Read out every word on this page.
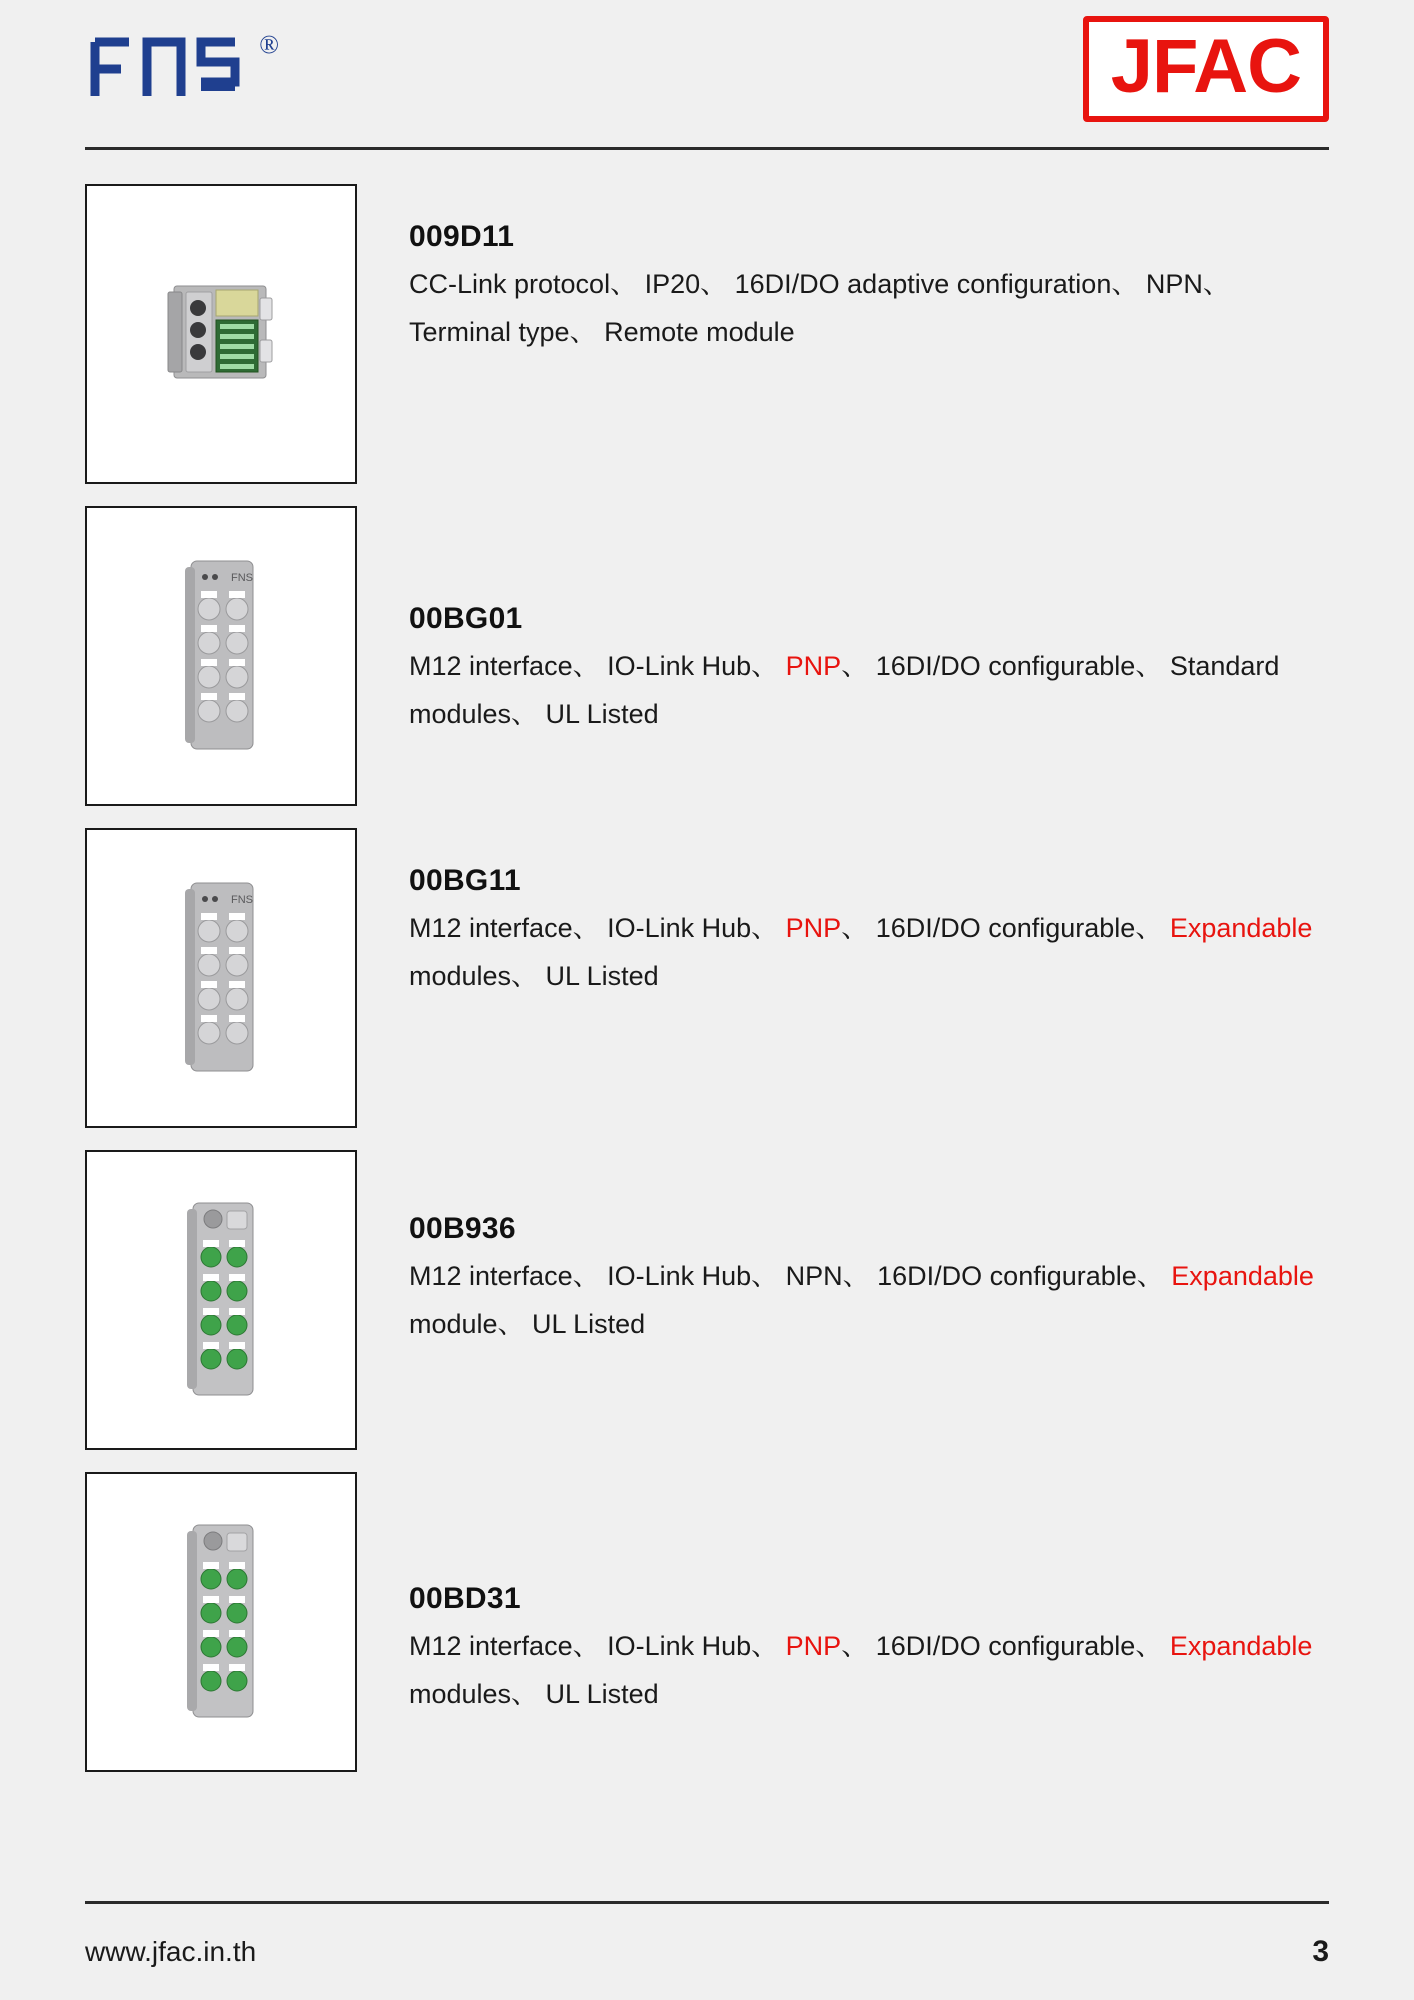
®	JFAC
009D11

CC-Link protocol、 IP20、 16DI/DO adaptive configuration、 NPN、 Terminal type、 Remote module

FNS
00BG01

M12 interface、 IO-Link Hub、 PNP、 16DI/DO configurable、 Standard modules、 UL Listed

FNS
00BG11

M12 interface、 IO-Link Hub、 PNP、 16DI/DO configurable、 Expandable modules、 UL Listed

00B936

M12 interface、 IO-Link Hub、 NPN、 16DI/DO configurable、 Expandable module、 UL Listed

00BD31

M12 interface、 IO-Link Hub、 PNP、 16DI/DO configurable、 Expandable modules、 UL Listed

www.jfac.in.th	3
